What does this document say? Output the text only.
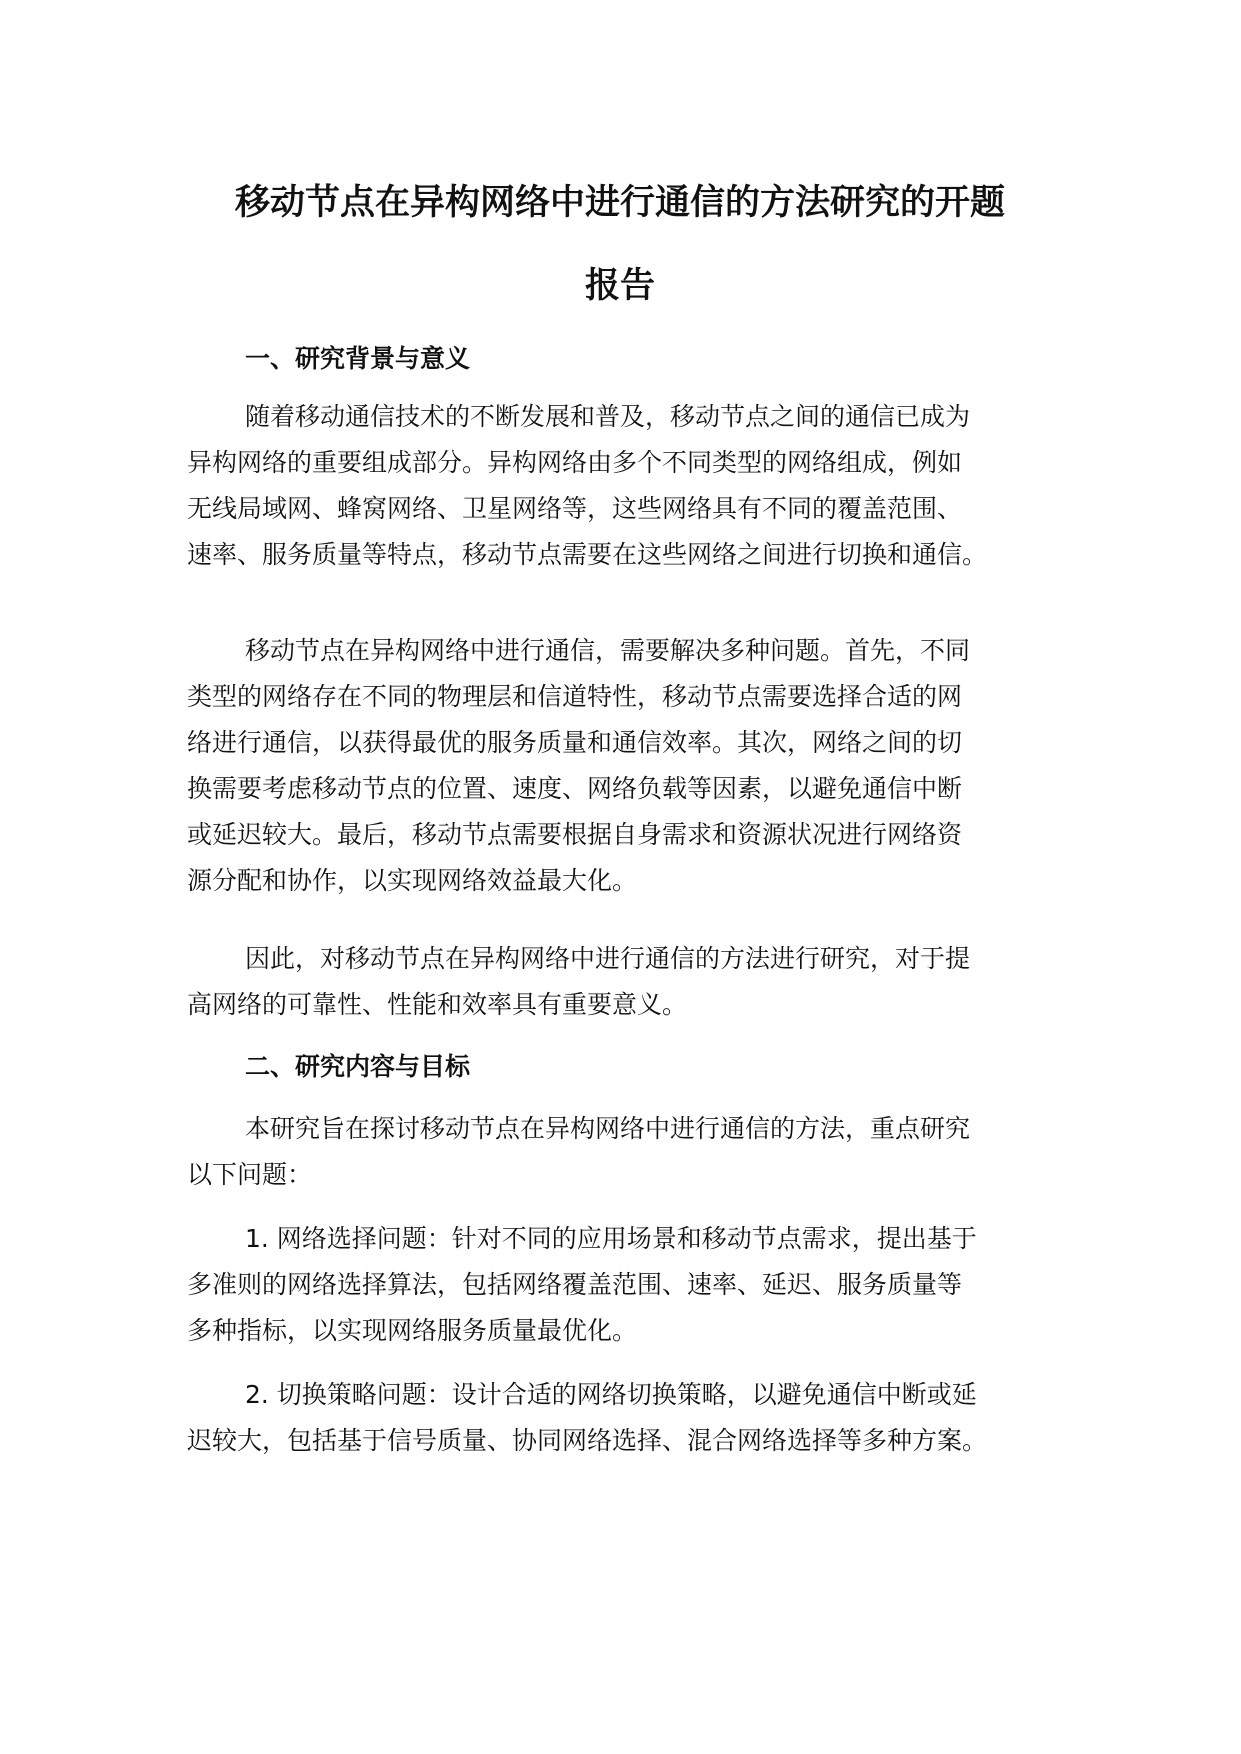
移动节点在异构网络中进行通信的方法研究的开题
报告
一、研究背景与意义
随着移动通信技术的不断发展和普及，移动节点之间的通信已成为
异构网络的重要组成部分。异构网络由多个不同类型的网络组成，例如
无线局域网、蜂窝网络、卫星网络等，这些网络具有不同的覆盖范围、
速率、服务质量等特点，移动节点需要在这些网络之间进行切换和通信。
移动节点在异构网络中进行通信，需要解决多种问题。首先，不同
类型的网络存在不同的物理层和信道特性，移动节点需要选择合适的网
络进行通信，以获得最优的服务质量和通信效率。其次，网络之间的切
换需要考虑移动节点的位置、速度、网络负载等因素，以避免通信中断
或延迟较大。最后，移动节点需要根据自身需求和资源状况进行网络资
源分配和协作，以实现网络效益最大化。
因此，对移动节点在异构网络中进行通信的方法进行研究，对于提
高网络的可靠性、性能和效率具有重要意义。
二、研究内容与目标
本研究旨在探讨移动节点在异构网络中进行通信的方法，重点研究
以下问题：
1. 网络选择问题：针对不同的应用场景和移动节点需求，提出基于
多准则的网络选择算法，包括网络覆盖范围、速率、延迟、服务质量等
多种指标，以实现网络服务质量最优化。
2. 切换策略问题：设计合适的网络切换策略，以避免通信中断或延
迟较大，包括基于信号质量、协同网络选择、混合网络选择等多种方案。
